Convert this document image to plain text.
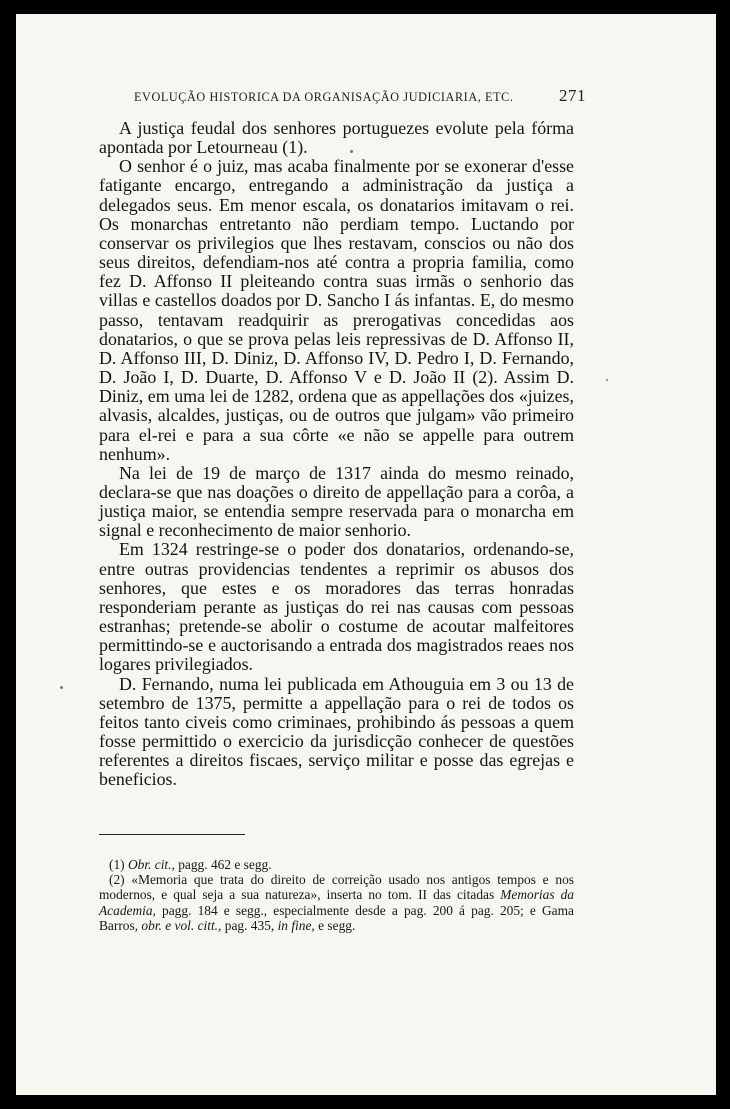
EVOLUÇÃO HISTORICA DA ORGANISAÇÃO JUDICIARIA, ETC.	271

A justiça feudal dos senhores portuguezes evolute pela fórma apontada por Letourneau (1).

O senhor é o juiz, mas acaba finalmente por se exonerar d'esse fatigante encargo, entregando a administração da justiça a delegados seus. Em menor escala, os donatarios imitavam o rei. Os monarchas entretanto não perdiam tempo. Luctando por conservar os privilegios que lhes restavam, conscios ou não dos seus direitos, defendiam-nos até contra a propria familia, como fez D. Affonso II pleiteando contra suas irmãs o senhorio das villas e castellos doados por D. Sancho I ás infantas. E, do mesmo passo, tentavam readquirir as prerogativas concedidas aos donatarios, o que se prova pelas leis repressivas de D. Affonso II, D. Affonso III, D. Diniz, D. Affonso IV, D. Pedro I, D. Fernando, D. João I, D. Duarte, D. Affonso V e D. João II (2). Assim D. Diniz, em uma lei de 1282, ordena que as appellações dos «juizes, alvasis, alcaldes, justiças, ou de outros que julgam» vão primeiro para el-rei e para a sua côrte «e não se appelle para outrem nenhum».

Na lei de 19 de março de 1317 ainda do mesmo reinado, declara-se que nas doações o direito de appellação para a corôa, a justiça maior, se entendia sempre reservada para o monarcha em signal e reconhecimento de maior senhorio.

Em 1324 restringe-se o poder dos donatarios, ordenando-se, entre outras providencias tendentes a reprimir os abusos dos senhores, que estes e os moradores das terras honradas responderiam perante as justiças do rei nas causas com pessoas estranhas; pretende-se abolir o costume de acoutar malfeitores permittindo-se e auctorisando a entrada dos magistrados reaes nos logares privilegiados.

D. Fernando, numa lei publicada em Athouguia em 3 ou 13 de setembro de 1375, permitte a appellação para o rei de todos os feitos tanto civeis como criminaes, prohibindo ás pessoas a quem fosse permittido o exercicio da jurisdicção conhecer de questões referentes a direitos fiscaes, serviço militar e posse das egrejas e beneficios.

(1) Obr. cit., pagg. 462 e segg.

(2) «Memoria que trata do direito de correição usado nos antigos tempos e nos modernos, e qual seja a sua natureza», inserta no tom. II das citadas Memorias da Academia, pagg. 184 e segg., especialmente desde a pag. 200 á pag. 205; e Gama Barros, obr. e vol. citt., pag. 435, in fine, e segg.
